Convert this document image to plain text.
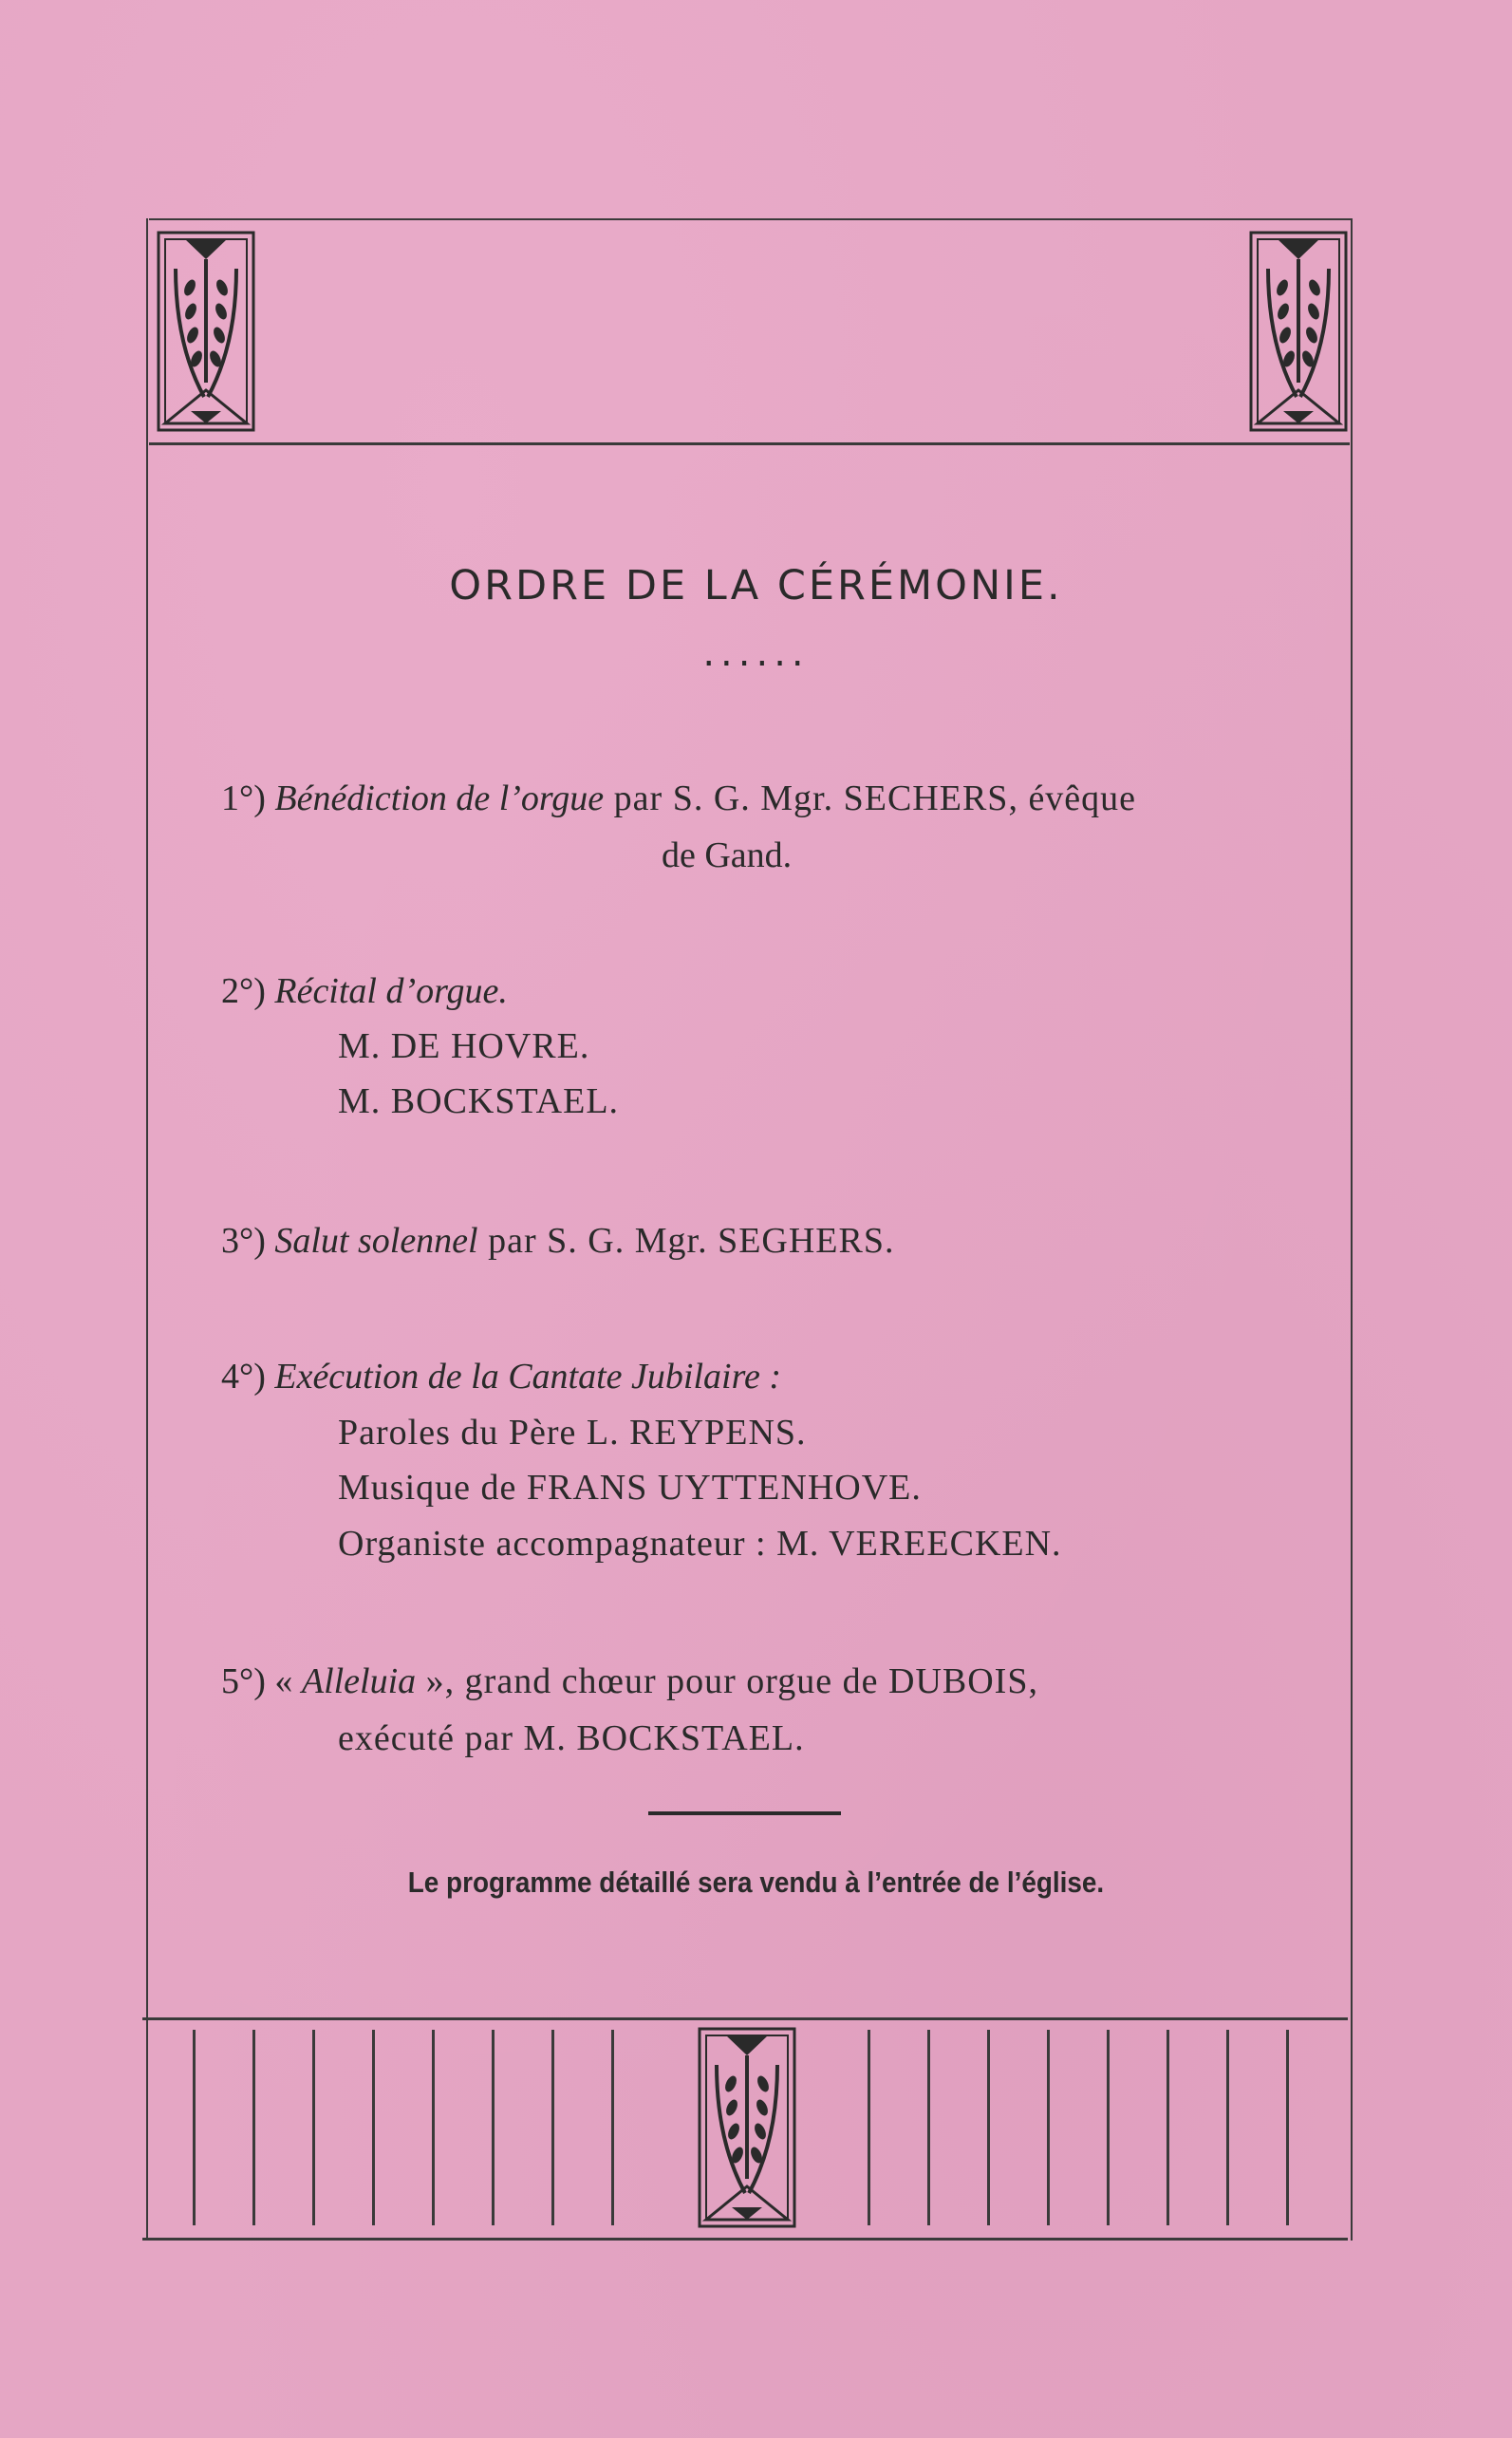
ORDRE DE LA CÉRÉMONIE.
......
1°) Bénédiction de l’orgue par S. G. Mgr. SECHERS, évêque
de Gand.
2°) Récital d’orgue.
M. DE HOVRE.
M. BOCKSTAEL.
3°) Salut solennel par S. G. Mgr. SEGHERS.
4°) Exécution de la Cantate Jubilaire :
Paroles du Père L. REYPENS.
Musique de FRANS UYTTENHOVE.
Organiste accompagnateur : M. VEREECKEN.
5°) « Alleluia », grand chœur pour orgue de DUBOIS,
exécuté par M. BOCKSTAEL.
Le programme détaillé sera vendu à l’entrée de l’église.
